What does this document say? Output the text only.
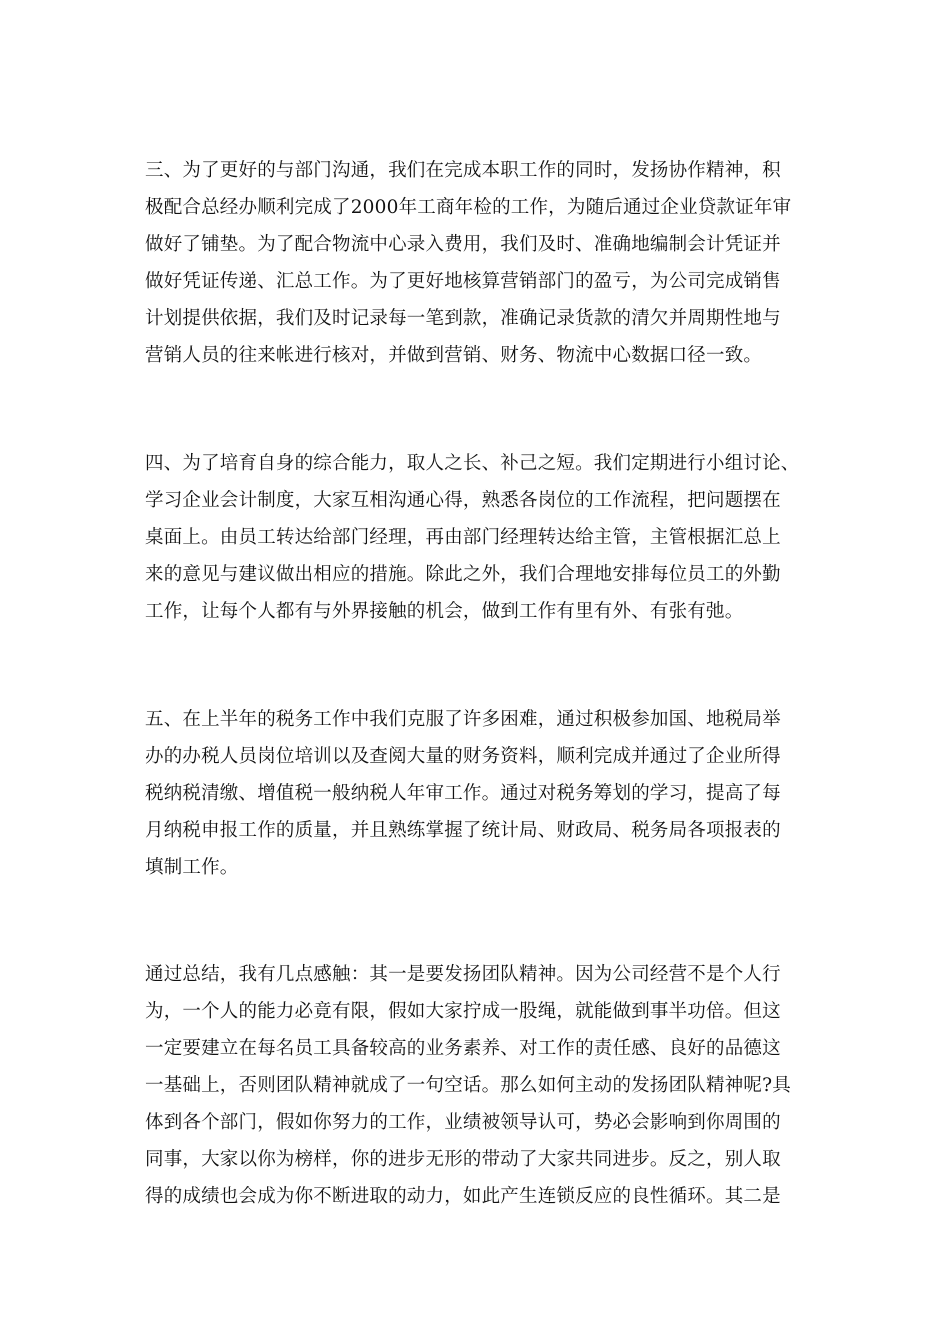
三、为了更好的与部门沟通，我们在完成本职工作的同时，发扬协作精神，积
极配合总经办顺利完成了2000年工商年检的工作，为随后通过企业贷款证年审
做好了铺垫。为了配合物流中心录入费用，我们及时、准确地编制会计凭证并
做好凭证传递、汇总工作。为了更好地核算营销部门的盈亏，为公司完成销售
计划提供依据，我们及时记录每一笔到款，准确记录货款的清欠并周期性地与
营销人员的往来帐进行核对，并做到营销、财务、物流中心数据口径一致。
四、为了培育自身的综合能力，取人之长、补己之短。我们定期进行小组讨论、
学习企业会计制度，大家互相沟通心得，熟悉各岗位的工作流程，把问题摆在
桌面上。由员工转达给部门经理，再由部门经理转达给主管，主管根据汇总上
来的意见与建议做出相应的措施。除此之外，我们合理地安排每位员工的外勤
工作，让每个人都有与外界接触的机会，做到工作有里有外、有张有弛。
五、在上半年的税务工作中我们克服了许多困难，通过积极参加国、地税局举
办的办税人员岗位培训以及查阅大量的财务资料，顺利完成并通过了企业所得
税纳税清缴、增值税一般纳税人年审工作。通过对税务筹划的学习，提高了每
月纳税申报工作的质量，并且熟练掌握了统计局、财政局、税务局各项报表的
填制工作。
通过总结，我有几点感触：其一是要发扬团队精神。因为公司经营不是个人行
为，一个人的能力必竟有限，假如大家拧成一股绳，就能做到事半功倍。但这
一定要建立在每名员工具备较高的业务素养、对工作的责任感、良好的品德这
一基础上，否则团队精神就成了一句空话。那么如何主动的发扬团队精神呢?具
体到各个部门，假如你努力的工作，业绩被领导认可，势必会影响到你周围的
同事，大家以你为榜样，你的进步无形的带动了大家共同进步。反之，别人取
得的成绩也会成为你不断进取的动力，如此产生连锁反应的良性循环。其二是
